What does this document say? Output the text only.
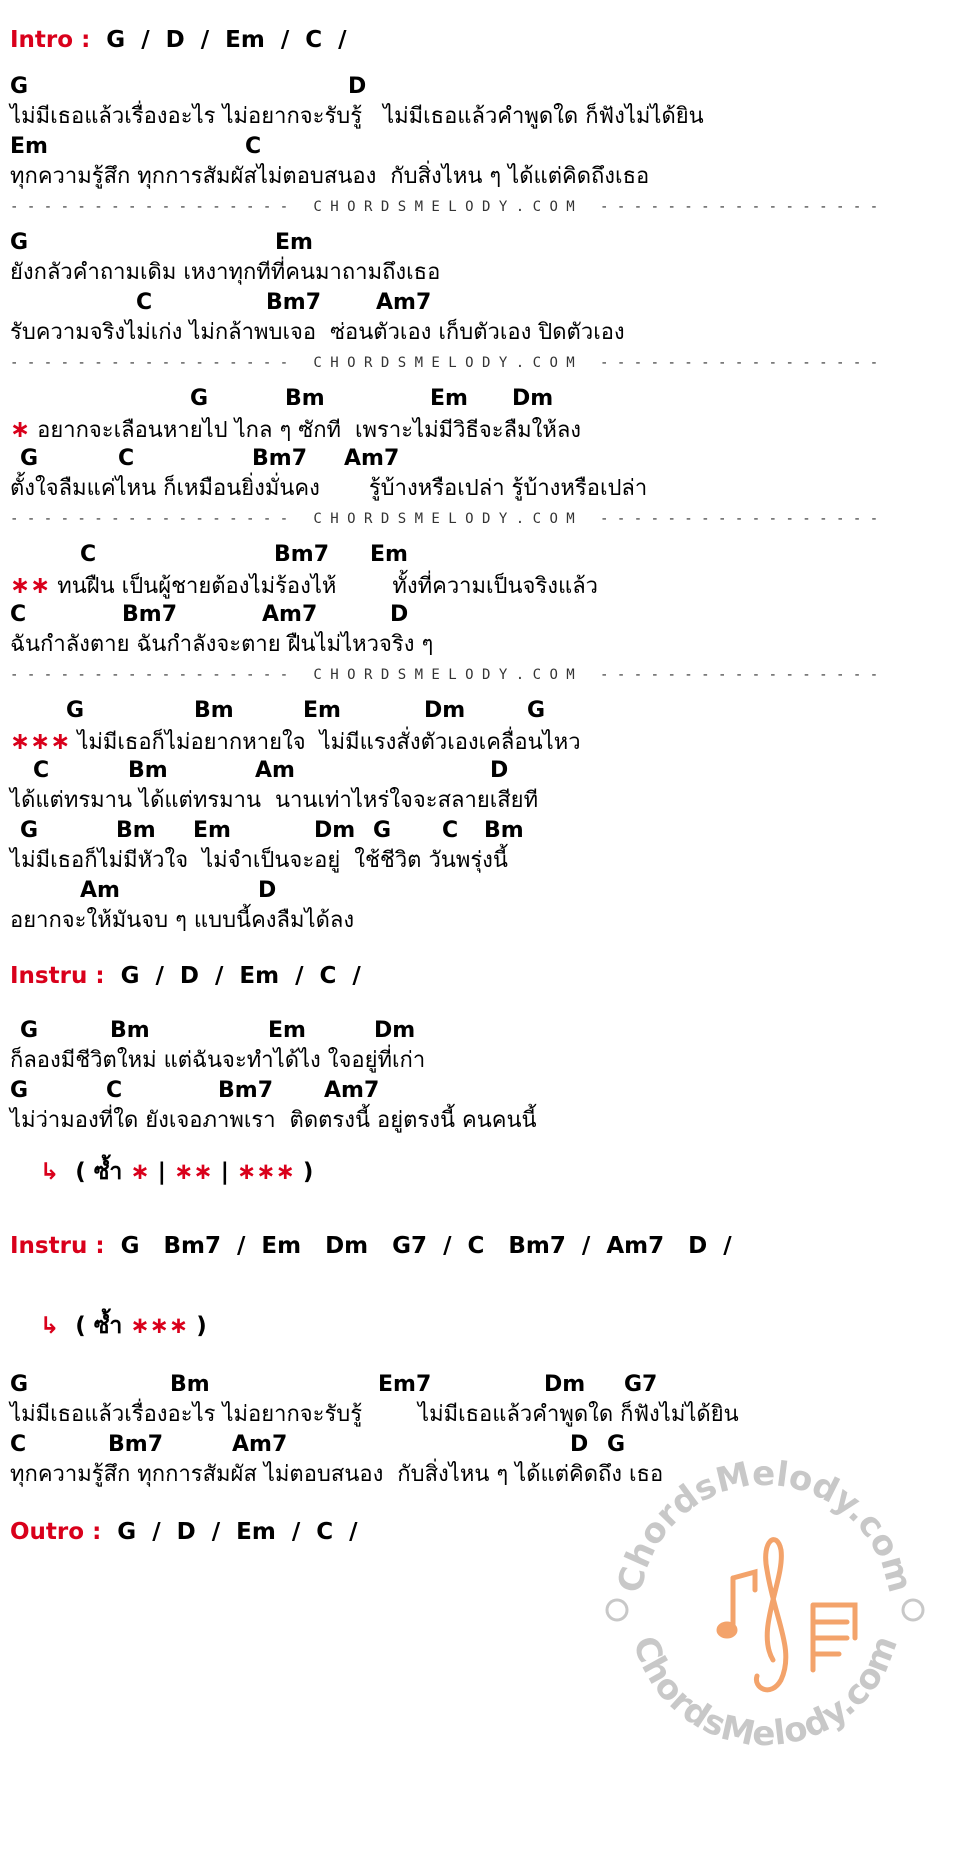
Intro : G  /  D  /  Em  /  C  /

G

	D

ไม่มีเธอแล้วเรื่องอะไร ไม่อยากจะรับรู้   ไม่มีเธอแล้วคำพูดใด ก็ฟังไม่ได้ยิน

Em

	C

ทุกความรู้สึก ทุกการสัมผัสไม่ตอบสนอง  กับสิ่งไหน ๆ ได้แต่คิดถึงเธอ
- - - - - - - - - - - - - - - - -   C H O R D S M E L O D Y . C O M   - - - - - - - - - - - - - - - - -

G

	Em

ยังกลัวคำถามเดิม เหงาทุกทีที่คนมาถามถึงเธอ

C

	Bm7

	Am7

รับความจริงไม่เก่ง ไม่กล้าพบเจอ  ซ่อนตัวเอง เก็บตัวเอง ปิดตัวเอง
- - - - - - - - - - - - - - - - -   C H O R D S M E L O D Y . C O M   - - - - - - - - - - - - - - - - -

G

	Bm

	Em

Dm

∗ อยากจะเลือนหายไป ไกล ๆ ซักที  เพราะไม่มีวิธีจะลืมให้ลง

G

	C

	Bm7

Am7

ตั้งใจลืมแค่ไหน ก็เหมือนยิ่งมั่นคง       รู้บ้างหรือเปล่า รู้บ้างหรือเปล่า
- - - - - - - - - - - - - - - - -   C H O R D S M E L O D Y . C O M   - - - - - - - - - - - - - - - - -

C

	Bm7

Em

∗∗ ทนฝืน เป็นผู้ชายต้องไม่ร้องไห้        ทั้งที่ความเป็นจริงแล้ว

C

	Bm7

	Am7

	D

ฉันกำลังตาย ฉันกำลังจะตาย ฝืนไม่ไหวจริง ๆ
- - - - - - - - - - - - - - - - -   C H O R D S M E L O D Y . C O M   - - - - - - - - - - - - - - - - -

G

	Bm

	Em

	Dm

	G

∗∗∗ ไม่มีเธอก็ไม่อยากหายใจ  ไม่มีแรงสั่งตัวเองเคลื่อนไหว

C

	Bm

	Am

	D

ได้แต่ทรมาน ได้แต่ทรมาน  นานเท่าไหร่ใจจะสลายเสียที

G

	Bm

Em

	Dm

G

C

Bm

ไม่มีเธอก็ไม่มีหัวใจ  ไม่จำเป็นจะอยู่  ใช้ชีวิต วันพรุ่งนี้

Am

	D

อยากจะให้มันจบ ๆ แบบนี้คงลืมได้ลง
Instru : G  /  D  /  Em  /  C  /

G

	Bm

	Em

	Dm

ก็ลองมีชีวิตใหม่ แต่ฉันจะทำได้ไง ใจอยู่ที่เก่า

G

	C

	Bm7

Am7

ไม่ว่ามองที่ใด ยังเจอภาพเรา  ติดตรงนี้ อยู่ตรงนี้ คนคนนี้
↳ ( ซ้ำ ∗ | ∗∗ | ∗∗∗ )
Instru : G   Bm7  /  Em   Dm   G7  /  C   Bm7  /  Am7   D  /
↳ ( ซ้ำ ∗∗∗ )

G

	Bm

	Em7

	Dm

G7

ไม่มีเธอแล้วเรื่องอะไร ไม่อยากจะรับรู้        ไม่มีเธอแล้วคำพูดใด ก็ฟังไม่ได้ยิน

C

	Bm7

	Am7

	D

G

ทุกความรู้สึก ทุกการสัมผัส ไม่ตอบสนอง  กับสิ่งไหน ๆ ได้แต่คิดถึง เธอ
Outro : G  /  D  /  Em  /  C  /
ChordsMelody.com
ChordsMelody.com
